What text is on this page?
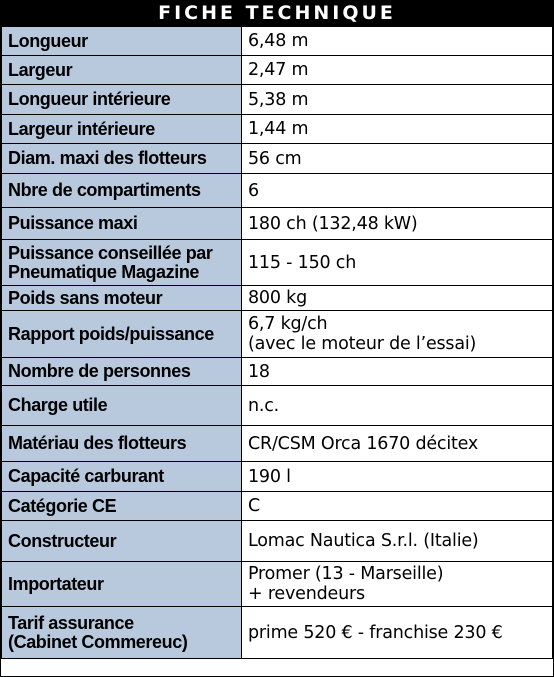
FICHE TECHNIQUE
Longueur	6,48 m

Largeur	2,47 m

Longueur intérieure	5,38 m

Largeur intérieure	1,44 m

Diam. maxi des flotteurs	56 cm

Nbre de compartiments	6

Puissance maxi	180 ch (132,48 kW)

Puissance conseillée par
Pneumatique Magazine	115 - 150 ch

Poids sans moteur	800 kg

Rapport poids/puissance	6,7 kg/ch
(avec le moteur de l’essai)

Nombre de personnes	18

Charge utile	n.c.

Matériau des flotteurs	CR/CSM Orca 1670 décitex

Capacité carburant	190 l

Catégorie CE	C

Constructeur	Lomac Nautica S.r.l. (Italie)

Importateur	Promer (13 - Marseille)
+ revendeurs

Tarif assurance
(Cabinet Commereuc)	prime 520 € - franchise 230 €
